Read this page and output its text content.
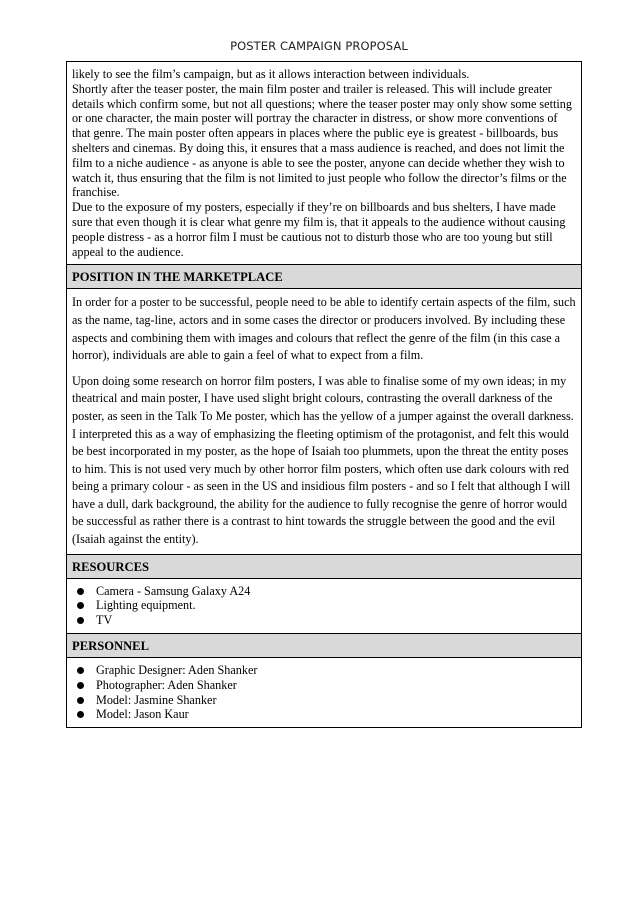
POSTER CAMPAIGN PROPOSAL

likely to see the film’s campaign, but as it allows interaction between individuals.

Shortly after the teaser poster, the main film poster and trailer is released. This will include greater details which confirm some, but not all questions; where the teaser poster may only show some setting or one character, the main poster will portray the character in distress, or show more conventions of that genre. The main poster often appears in places where the public eye is greatest - billboards, bus shelters and cinemas. By doing this, it ensures that a mass audience is reached, and does not limit the film to a niche audience - as anyone is able to see the poster, anyone can decide whether they wish to watch it, thus ensuring that the film is not limited to just people who follow the director’s films or the franchise.

Due to the exposure of my posters, especially if they’re on billboards and bus shelters, I have made sure that even though it is clear what genre my film is, that it appeals to the audience without causing people distress - as a horror film I must be cautious not to disturb those who are too young but still appeal to the audience.

POSITION IN THE MARKETPLACE

In order for a poster to be successful, people need to be able to identify certain aspects of the film, such as the name, tag-line, actors and in some cases the director or producers involved. By including these aspects and combining them with images and colours that reflect the genre of the film (in this case a horror), individuals are able to gain a feel of what to expect from a film.

Upon doing some research on horror film posters, I was able to finalise some of my own ideas; in my theatrical and main poster, I have used slight bright colours, contrasting the overall darkness of the poster, as seen in the Talk To Me poster, which has the yellow of a jumper against the overall darkness. I interpreted this as a way of emphasizing the fleeting optimism of the protagonist, and felt this would be best incorporated in my poster, as the hope of Isaiah too plummets, upon the threat the entity poses to him. This is not used very much by other horror film posters, which often use dark colours with red being a primary colour - as seen in the US and insidious film posters - and so I felt that although I will have a dull, dark background, the ability for the audience to fully recognise the genre of horror would be successful as rather there is a contrast to hint towards the struggle between the good and the evil (Isaiah against the entity).

RESOURCES
Camera - Samsung Galaxy A24
Lighting equipment.
TV
PERSONNEL
Graphic Designer: Aden Shanker
Photographer: Aden Shanker
Model: Jasmine Shanker
Model: Jason Kaur
